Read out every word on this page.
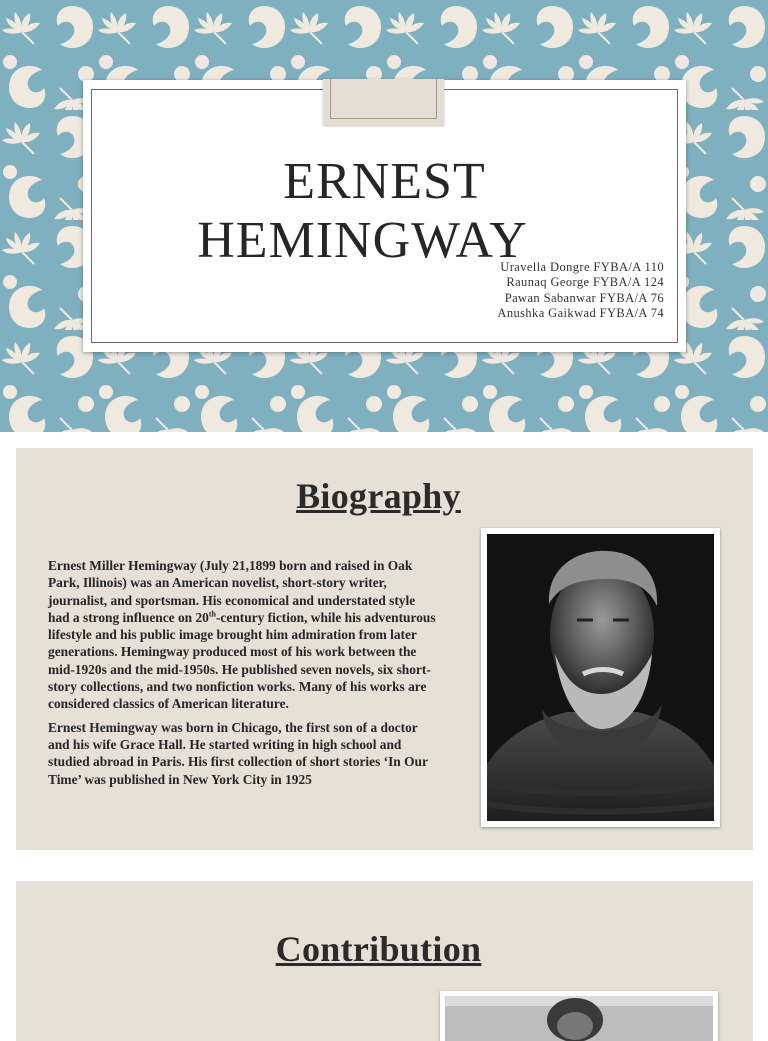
ERNEST
HEMINGWAY
Uravella Dongre FYBA/A 110
Raunaq George FYBA/A 124
Pawan Sabanwar FYBA/A 76
Anushka Gaikwad FYBA/A 74
Biography

Ernest Miller Hemingway (July 21,1899 born and raised in Oak Park, Illinois) was an American novelist, short-story writer, journalist, and sportsman. His economical and understated style had a strong influence on 20th-century fiction, while his adventurous lifestyle and his public image brought him admiration from later generations. Hemingway produced most of his work between the mid-1920s and the mid-1950s. He published seven novels, six short-story collections, and two nonfiction works. Many of his works are considered classics of American literature.

Ernest Hemingway was born in Chicago, the first son of a doctor and his wife Grace Hall. He started writing in high school and studied abroad in Paris. His first collection of short stories ‘In Our Time’ was published in New York City in 1925

Contribution
